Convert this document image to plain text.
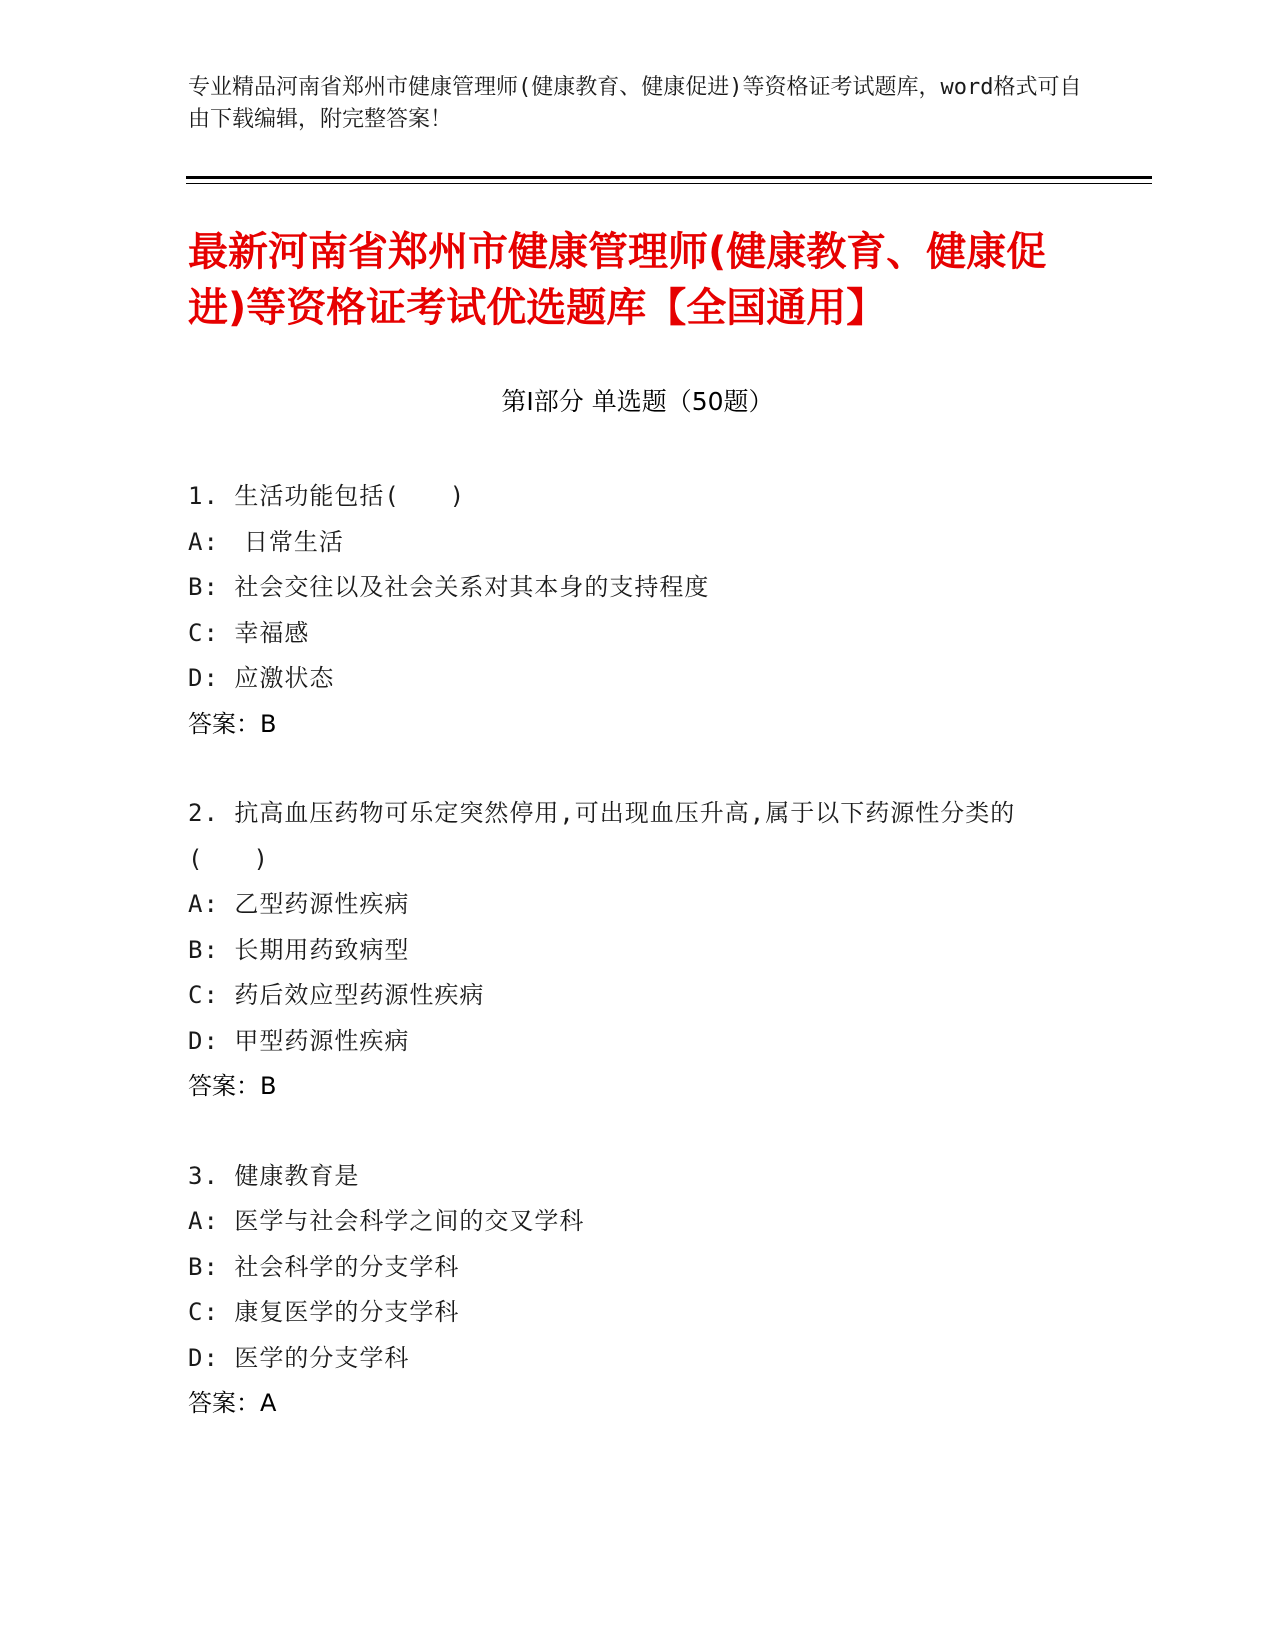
专业精品河南省郑州市健康管理师(健康教育、健康促进)等资格证考试题库，word格式可自由下载编辑，附完整答案！

最新河南省郑州市健康管理师(健康教育、健康促进)等资格证考试优选题库【全国通用】
第Ⅰ部分 单选题（50题）

1. 生活功能包括(　　)

A:　日常生活

B: 社会交往以及社会关系对其本身的支持程度

C: 幸福感

D: 应激状态

答案：B

2. 抗高血压药物可乐定突然停用,可出现血压升高,属于以下药源性分类的(　　)

A: 乙型药源性疾病

B: 长期用药致病型

C: 药后效应型药源性疾病

D: 甲型药源性疾病

答案：B

3. 健康教育是

A: 医学与社会科学之间的交叉学科

B: 社会科学的分支学科

C: 康复医学的分支学科

D: 医学的分支学科

答案：A
